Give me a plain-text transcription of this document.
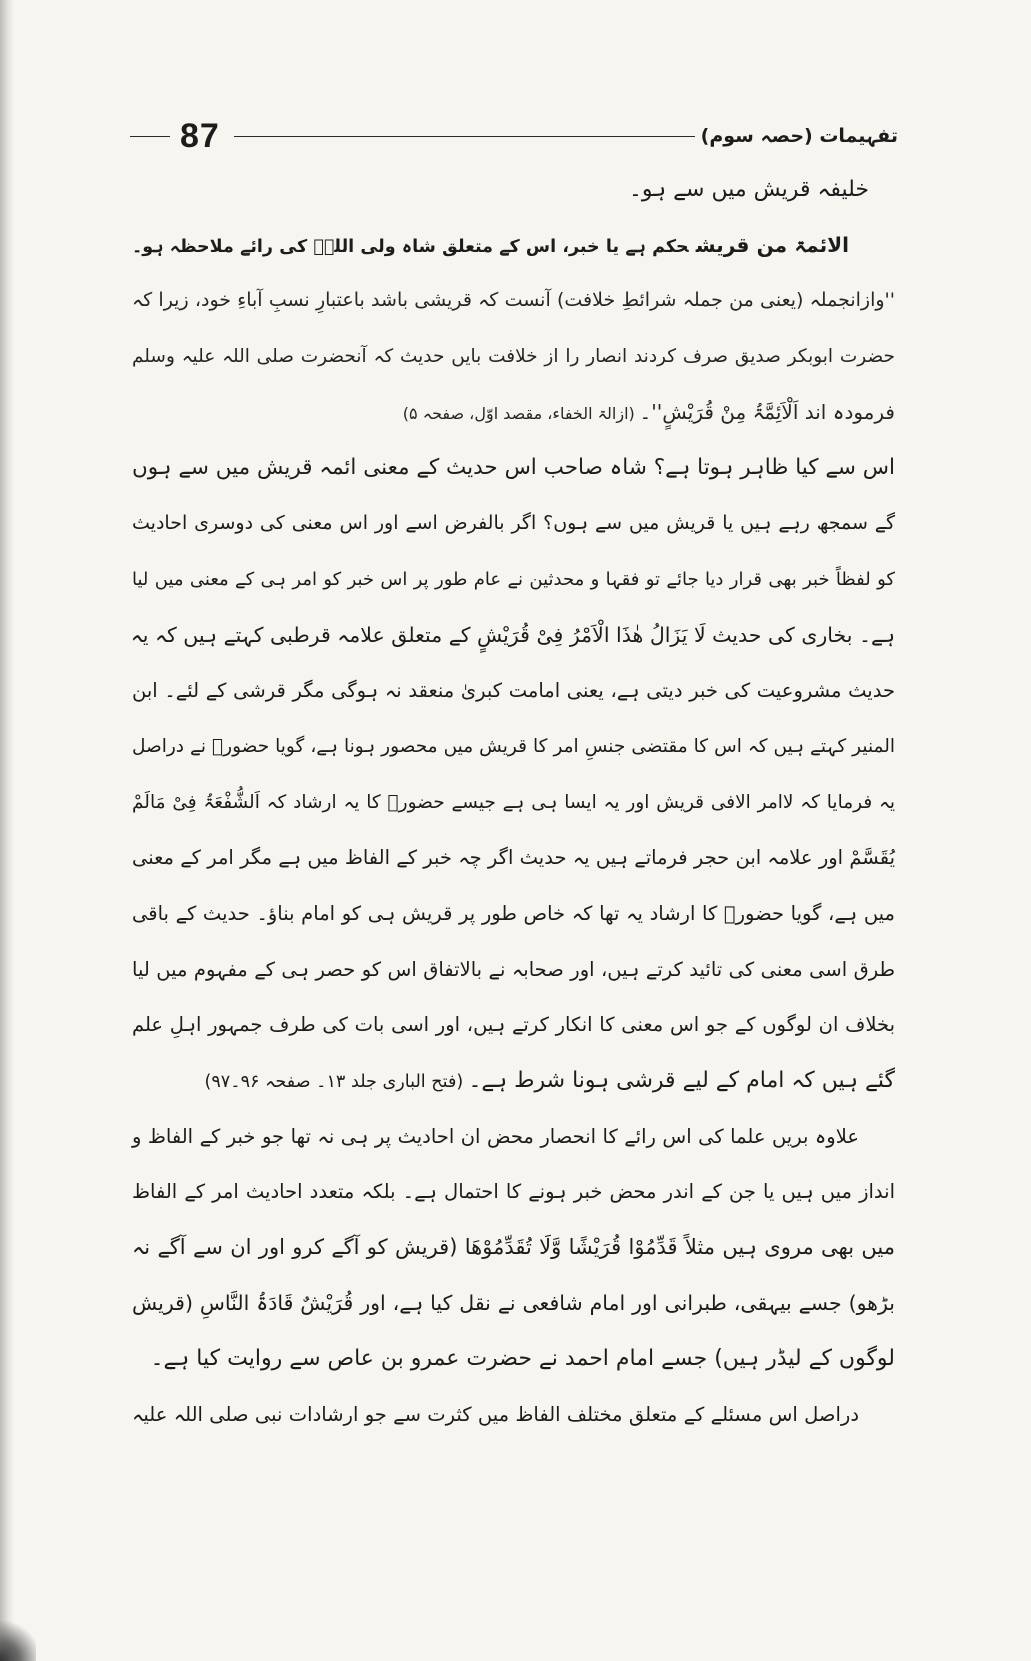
87	تفہیمات (حصہ سوم)
خلیفہ قریش میں سے ہو۔
الائمۃ من قریشحکم ہے یا خبر، اس کے متعلق شاہ ولی اللہؒ کی رائے ملاحظہ ہو۔
''وازانجملہ (یعنی من جملہ شرائطِ خلافت) آنست کہ قریشی باشد باعتبارِ نسبِ آباءِ خود، زیرا کہ
حضرت ابوبکر صدیق صرف کردند انصار را از خلافت بایں حدیث کہ آنحضرت صلی اللہ علیہ وسلم
فرمودہ اند اَلْاَئِمَّۃُ مِنْ قُرَیْشٍ''۔(ازالۃ الخفاء، مقصد اوّل، صفحہ ۵)
اس سے کیا ظاہر ہوتا ہے؟ شاہ صاحب اس حدیث کے معنی ائمہ قریش میں سے ہوں
گے سمجھ رہے ہیں یا قریش میں سے ہوں؟ اگر بالفرض اسے اور اس معنی کی دوسری احادیث
کو لفظاً خبر بھی قرار دیا جائے تو فقہا و محدثین نے عام طور پر اس خبر کو امر ہی کے معنی میں لیا
ہے۔ بخاری کی حدیث لَا یَزَالُ ھٰذَا الْاَمْرُ فِیْ قُرَیْشٍ کے متعلق علامہ قرطبی کہتے ہیں کہ یہ
حدیث مشروعیت کی خبر دیتی ہے، یعنی امامت کبریٰ منعقد نہ ہوگی مگر قرشی کے لئے۔ ابن
المنیر کہتے ہیں کہ اس کا مقتضی جنسِ امر کا قریش میں محصور ہونا ہے، گویا حضورؐ نے دراصل
یہ فرمایا کہ لاامر الافی قریش اور یہ ایسا ہی ہے جیسے حضورؐ کا یہ ارشاد کہ اَلشُّفْعَۃُ فِیْ مَالَمْ
یُقَسَّمْ اور علامہ ابن حجر فرماتے ہیں یہ حدیث اگر چہ خبر کے الفاظ میں ہے مگر امر کے معنی
میں ہے، گویا حضورؐ کا ارشاد یہ تھا کہ خاص طور پر قریش ہی کو امام بناؤ۔ حدیث کے باقی
طرق اسی معنی کی تائید کرتے ہیں، اور صحابہ نے بالاتفاق اس کو حصر ہی کے مفہوم میں لیا
بخلاف ان لوگوں کے جو اس معنی کا انکار کرتے ہیں، اور اسی بات کی طرف جمہور اہلِ علم
گئے ہیں کہ امام کے لیے قرشی ہونا شرط ہے۔(فتح الباری جلد ۱۳۔ صفحہ ۹۶۔۹۷)
علاوہ بریں علما کی اس رائے کا انحصار محض ان احادیث پر ہی نہ تھا جو خبر کے الفاظ و
انداز میں ہیں یا جن کے اندر محض خبر ہونے کا احتمال ہے۔ بلکہ متعدد احادیث امر کے الفاظ
میں بھی مروی ہیں مثلاً قَدِّمُوْا قُرَیْشًا وَّلَا تُقَدِّمُوْھَا (قریش کو آگے کرو اور ان سے آگے نہ
بڑھو) جسے بیہقی، طبرانی اور امام شافعی نے نقل کیا ہے، اور قُرَیْشٌ قَادَۃُ النَّاسِ (قریش
لوگوں کے لیڈر ہیں) جسے امام احمد نے حضرت عمرو بن عاص سے روایت کیا ہے۔
دراصل اس مسئلے کے متعلق مختلف الفاظ میں کثرت سے جو ارشادات نبی صلی اللہ علیہ
